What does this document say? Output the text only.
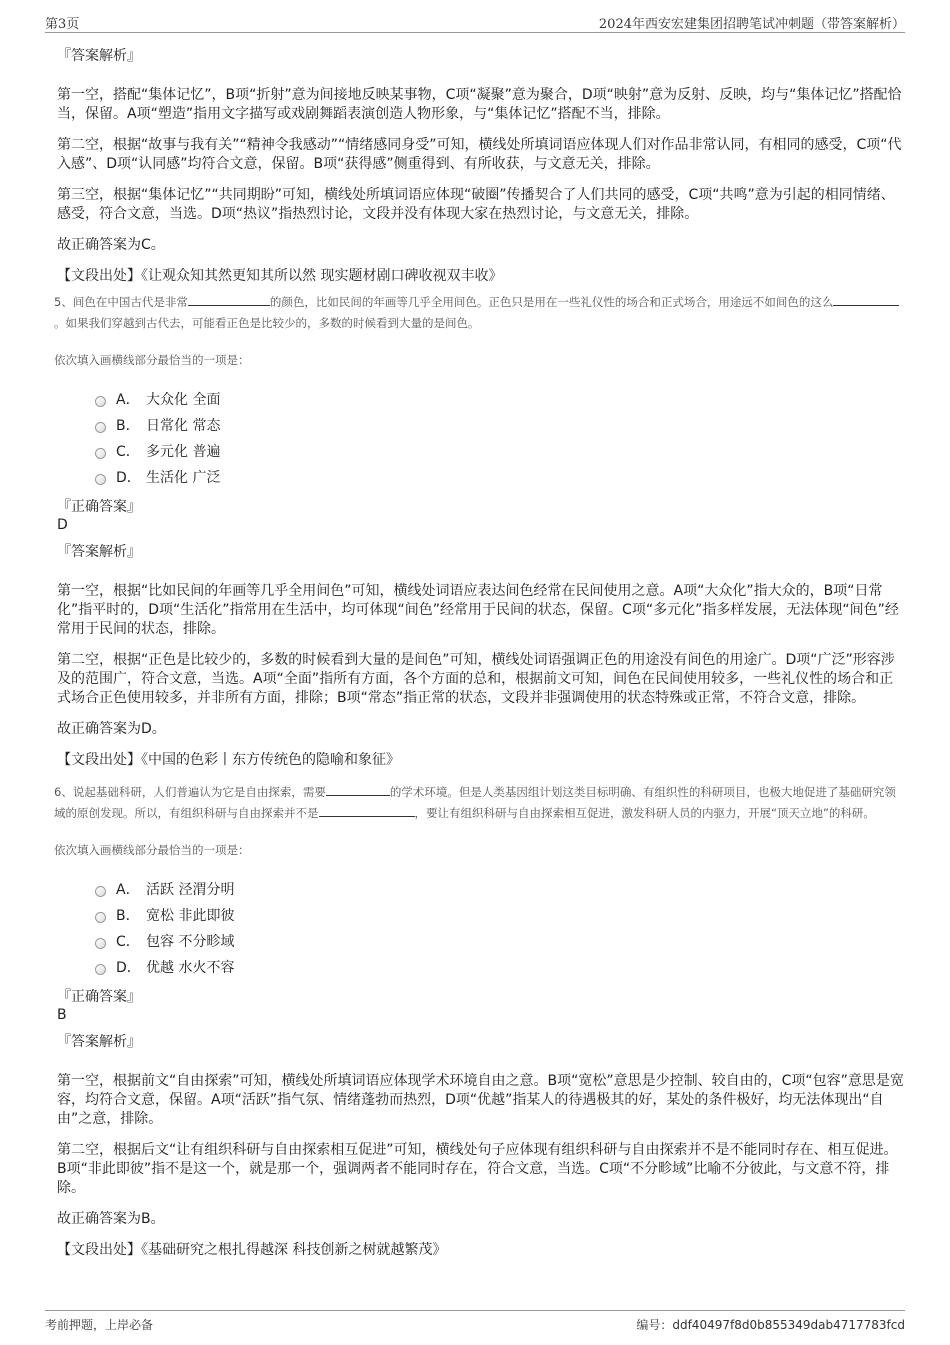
第3页	2024年西安宏建集团招聘笔试冲刺题（带答案解析）
『答案解析』

第一空，搭配“集体记忆”，B项“折射”意为间接地反映某事物，C项“凝聚”意为聚合，D项“映射”意为反射、反映，均与“集体记忆”搭配恰当，保留。A项“塑造”指用文字描写或戏剧舞蹈表演创造人物形象，与“集体记忆”搭配不当，排除。

第二空，根据“故事与我有关”“精神令我感动”“情绪感同身受”可知，横线处所填词语应体现人们对作品非常认同，有相同的感受，C项“代入感”、D项“认同感”均符合文意，保留。B项“获得感”侧重得到、有所收获，与文意无关，排除。

第三空，根据“集体记忆”“共同期盼”可知，横线处所填词语应体现“破圈”传播契合了人们共同的感受，C项“共鸣”意为引起的相同情绪、感受，符合文意，当选。D项“热议”指热烈讨论，文段并没有体现大家在热烈讨论，与文意无关，排除。

故正确答案为C。

【文段出处】《让观众知其然更知其所以然 现实题材剧口碑收视双丰收》
5、间色在中国古代是非常	的颜色，比如民间的年画等几乎全用间色。正色只是用在一些礼仪性的场合和正式场合，用途远不如间色的这么。如果我们穿越到古代去，可能看正色是比较少的，多数的时候看到大量的是间色。
依次填入画横线部分最恰当的一项是：
A． 大众化 全面
B． 日常化 常态
C． 多元化 普遍
D． 生活化 广泛
『正确答案』
D
『答案解析』

第一空，根据“比如民间的年画等几乎全用间色”可知，横线处词语应表达间色经常在民间使用之意。A项“大众化”指大众的，B项“日常化”指平时的，D项“生活化”指常用在生活中，均可体现“间色”经常用于民间的状态，保留。C项“多元化”指多样发展，无法体现“间色”经常用于民间的状态，排除。

第二空，根据“正色是比较少的，多数的时候看到大量的是间色”可知，横线处词语强调正色的用途没有间色的用途广。D项“广泛”形容涉及的范围广，符合文意，当选。A项“全面”指所有方面，各个方面的总和，根据前文可知，间色在民间使用较多，一些礼仪性的场合和正式场合正色使用较多，并非所有方面，排除；B项“常态”指正常的状态，文段并非强调使用的状态特殊或正常，不符合文意，排除。

故正确答案为D。

【文段出处】《中国的色彩丨东方传统色的隐喻和象征》
6、说起基础科研，人们普遍认为它是自由探索，需要	的学术环境。但是人类基因组计划这类目标明确、有组织性的科研项目，也极大地促进了基础研究领域的原创发现。所以，有组织科研与自由探索并不是	，要让有组织科研与自由探索相互促进，激发科研人员的内驱力，开展“顶天立地”的科研。
依次填入画横线部分最恰当的一项是：
A． 活跃 泾渭分明
B． 宽松 非此即彼
C． 包容 不分畛域
D． 优越 水火不容
『正确答案』
B
『答案解析』

第一空，根据前文“自由探索”可知，横线处所填词语应体现学术环境自由之意。B项“宽松”意思是少控制、较自由的，C项“包容”意思是宽容，均符合文意，保留。A项“活跃”指气氛、情绪蓬勃而热烈，D项“优越”指某人的待遇极其的好，某处的条件极好，均无法体现出“自由”之意，排除。

第二空，根据后文“让有组织科研与自由探索相互促进”可知，横线处句子应体现有组织科研与自由探索并不是不能同时存在、相互促进。B项“非此即彼”指不是这一个，就是那一个，强调两者不能同时存在，符合文意，当选。C项“不分畛域”比喻不分彼此，与文意不符，排除。

故正确答案为B。

【文段出处】《基础研究之根扎得越深 科技创新之树就越繁茂》
考前押题，上岸必备	编号：ddf40497f8d0b855349dab4717783fcd
